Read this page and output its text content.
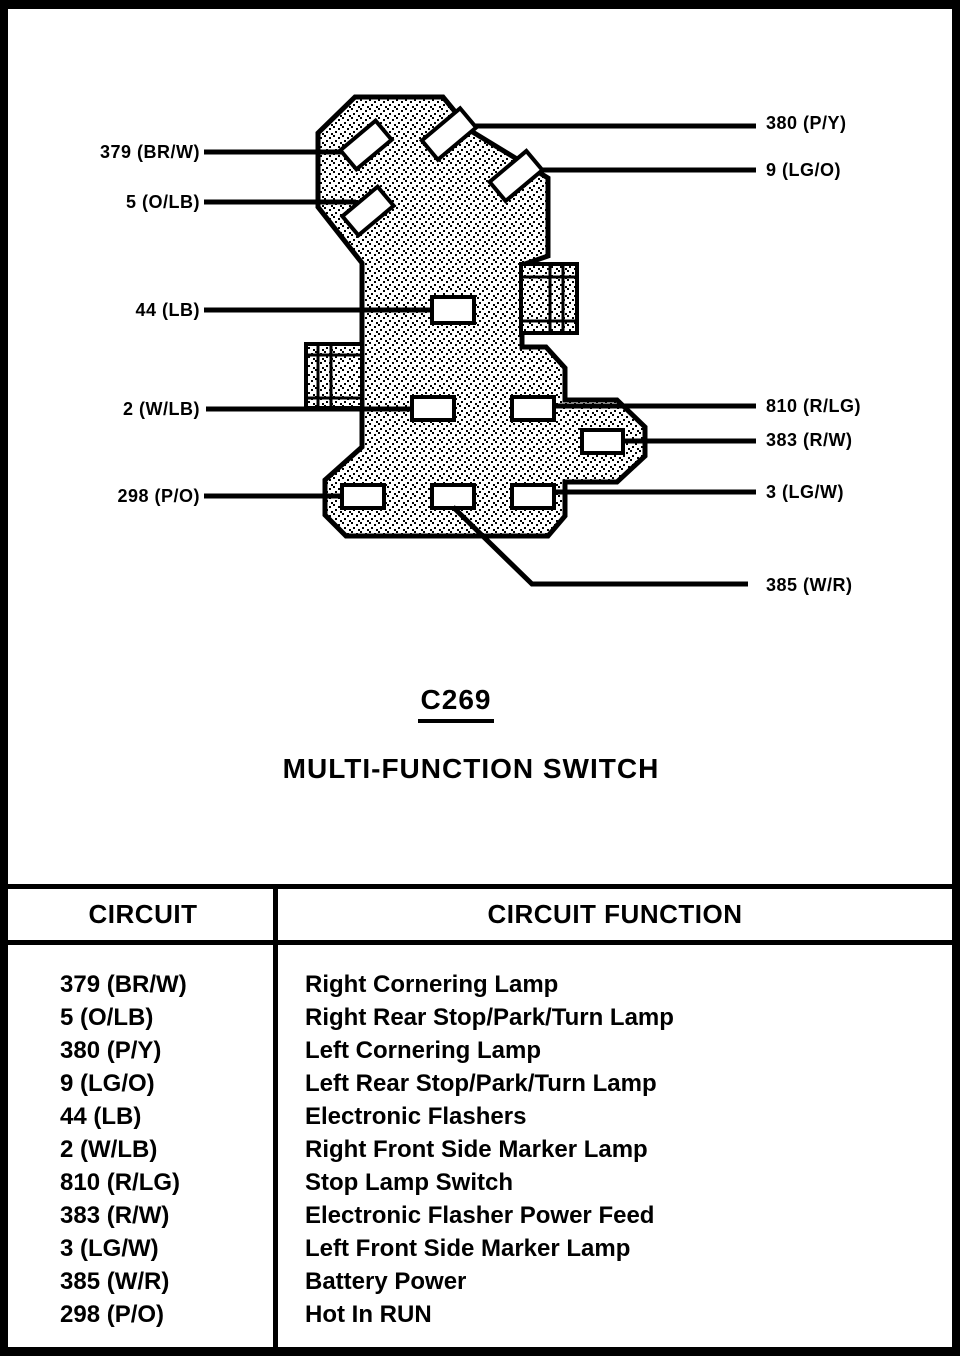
379 (BR/W)
5 (O/LB)
44 (LB)
2 (W/LB)
298 (P/O)
380 (P/Y)
9 (LG/O)
810 (R/LG)
383 (R/W)
3 (LG/W)
385 (W/R)
C269
MULTI-FUNCTION SWITCH
CIRCUIT	CIRCUIT FUNCTION
379 (BR/W)	Right Cornering Lamp
5 (O/LB)	Right Rear Stop/Park/Turn Lamp
380 (P/Y)	Left Cornering Lamp
9 (LG/O)	Left Rear Stop/Park/Turn Lamp
44 (LB)	Electronic Flashers
2 (W/LB)	Right Front Side Marker Lamp
810 (R/LG)	Stop Lamp Switch
383 (R/W)	Electronic Flasher Power Feed
3 (LG/W)	Left Front Side Marker Lamp
385 (W/R)	Battery Power
298 (P/O)	Hot In RUN
